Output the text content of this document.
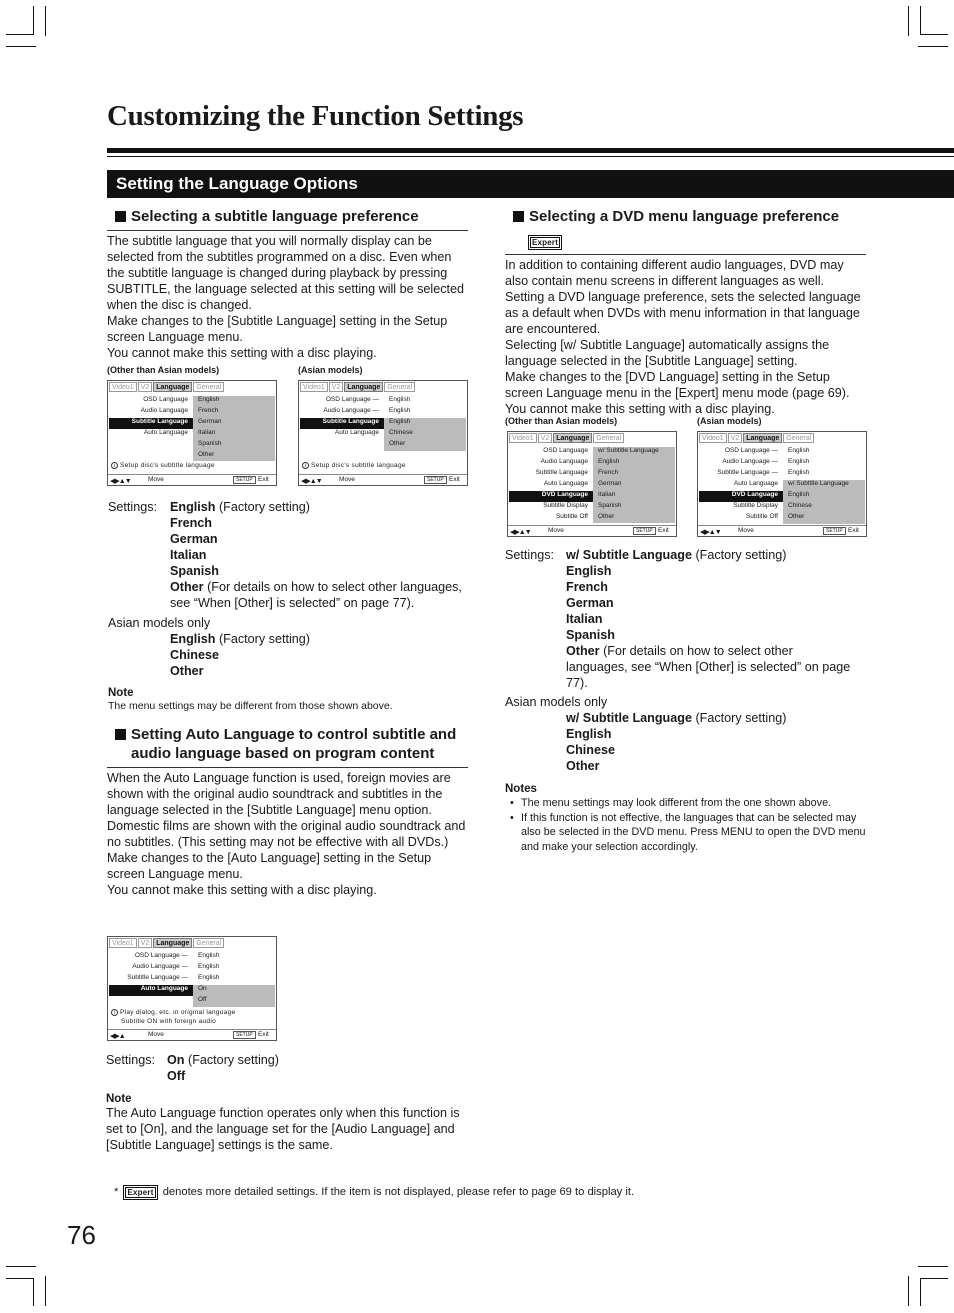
Customizing the Function Settings
Setting the Language Options
Selecting a subtitle language preference
The subtitle language that you will normally display can be selected from the subtitles programmed on a disc. Even when the subtitle language is changed during playback by pressing SUBTITLE, the language selected at this setting will be selected when the disc is changed.
Make changes to the [Subtitle Language] setting in the Setup screen Language menu.
You cannot make this setting with a disc playing.
(Other than Asian models)	(Asian models)
Video1	V2	Language	General
OSD Language English
Audio Language French
Subtitle Language German
Auto Language Italian
Spanish
Other
i Setup disc's subtitle language
◀▶▲▼	Move	SETUP Exit
Video1	V2	Language	General
OSD Language — English
Audio Language — English
Subtitle Language English
Auto Language Chinese
Other
i Setup disc's subtitle language
◀▶▲▼	Move	SETUP Exit
Settings: English (Factory setting)
French
German
Italian
Spanish
Other (For details on how to select other languages,
see “When [Other] is selected” on page 77).
Asian models only
English (Factory setting)
Chinese
Other
Note
The menu settings may be different from those shown above.
Setting Auto Language to control subtitle and audio language based on program content
When the Auto Language function is used, foreign movies are shown with the original audio soundtrack and subtitles in the language selected in the [Subtitle Language] menu option. Domestic films are shown with the original audio soundtrack and no subtitles. (This setting may not be effective with all DVDs.)
Make changes to the [Auto Language] setting in the Setup screen Language menu.
You cannot make this setting with a disc playing.
Video1	V2	Language	General
OSD Language — English
Audio Language — English
Subtitle Language — English
Auto Language On
Off
i Play dialog, etc. in original language
Subtitle ON with foreign audio
◀▶▲	Move	SETUP Exit
Settings: On (Factory setting)
Off
Note
The Auto Language function operates only when this function is set to [On], and the language set for the [Audio Language] and [Subtitle Language] settings is the same.
Selecting a DVD menu language preference
Expert
In addition to containing different audio languages, DVD may also contain menu screens in different languages as well. Setting a DVD language preference, sets the selected language as a default when DVDs with menu information in that language are encountered.
Selecting [w/ Subtitle Language] automatically assigns the language selected in the [Subtitle Language] setting.
Make changes to the [DVD Language] setting in the Setup screen Language menu in the [Expert] menu mode (page 69).
You cannot make this setting with a disc playing.
(Other than Asian models)	(Asian models)
Video1	V2	Language	General
OSD Language w/ Subtitle Language
Audio Language English
Subtitle Language French
Auto Language German
DVD Language Italian
Subtitle Display Spanish
Subtitle Off Other
◀▶▲▼	Move	SETUP Exit
Video1	V2	Language	General
OSD Language — English
Audio Language — English
Subtitle Language — English
Auto Language w/ Subtitle Language
DVD Language English
Subtitle Display Chinese
Subtitle Off Other
◀▶▲▼	Move	SETUP Exit
Settings: w/ Subtitle Language (Factory setting)
English
French
German
Italian
Spanish
Other (For details on how to select other
languages, see “When [Other] is selected” on page 77).
Asian models only
w/ Subtitle Language (Factory setting)
English
Chinese
Other
Notes
• The menu settings may look different from the one shown above.
• If this function is not effective, the languages that can be selected may also be selected in the DVD menu. Press MENU to open the DVD menu and make your selection accordingly.
* Expert denotes more detailed settings. If the item is not displayed, please refer to page 69 to display it.
76
